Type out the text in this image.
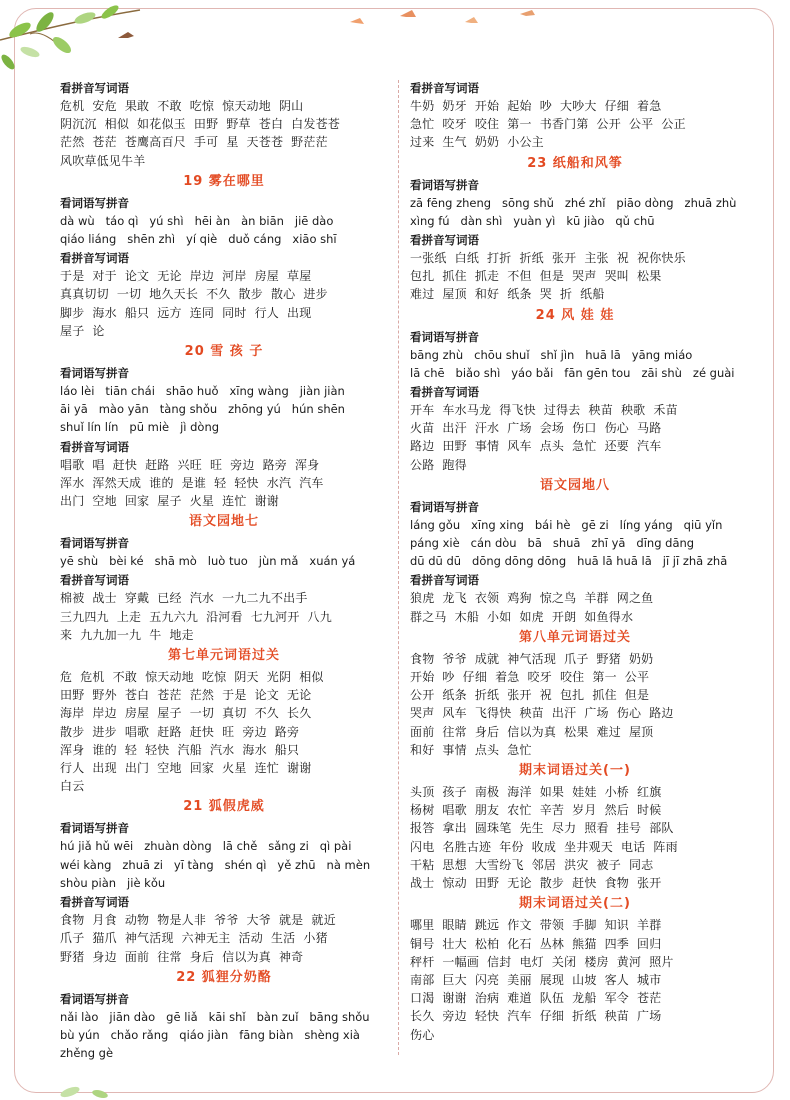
看拼音写词语
危机  安危  果敢  不敢  吃惊  惊天动地  阴山
阴沉沉  相似  如花似玉  田野  野草  苍白  白发苍苍
茫然  苍茫  苍鹰高百尺  手可  星  天苍苍  野茫茫
风吹草低见牛羊
19 雾在哪里
看词语写拼音
dà wù   táo qì   yú shì   hēi àn   àn biān   jiē dào
qiáo liáng   shēn zhì   yí qiè   duǒ cáng   xiāo shī
看拼音写词语
于是  对于  论文  无论  岸边  河岸  房屋  草屋
真真切切  一切  地久天长  不久  散步  散心  进步
脚步  海水  船只  远方  连同  同时  行人  出现
屋子  论
20 雪 孩 子
看词语写拼音
láo lèi   tiān chái   shāo huǒ   xīng wàng   jiàn jiàn
āi yā   mào yān   tàng shǒu   zhōng yú   hún shēn
shuǐ lín lín   pū miè   jì dòng
看拼音写词语
唱歌  唱  赶快  赶路  兴旺  旺  旁边  路旁  浑身
浑水  浑然天成  谁的  是谁  轻  轻快  水汽  汽车
出门  空地  回家  屋子  火星  连忙  谢谢
语文园地七
看词语写拼音
yē shù   bèi ké   shā mò   luò tuo   jùn mǎ   xuán yá
看拼音写词语
棉被  战士  穿戴  已经  汽水  一九二九不出手
三九四九  上走  五九六九  沿河看  七九河开  八九
来  九九加一九  牛  地走
第七单元词语过关
危  危机  不敢  惊天动地  吃惊  阴天  光阴  相似
田野  野外  苍白  苍茫  茫然  于是  论文  无论
海岸  岸边  房屋  屋子  一切  真切  不久  长久
散步  进步  唱歌  赶路  赶快  旺  旁边  路旁
浑身  谁的  轻  轻快  汽船  汽水  海水  船只
行人  出现  出门  空地  回家  火星  连忙  谢谢
白云
21 狐假虎威
看词语写拼音
hú jiǎ hǔ wēi   zhuàn dòng   lā chě   sǎng zi   qì pài
wéi kàng   zhuā zi   yī tàng   shén qì   yě zhū   nà mèn
shòu piàn   jiè kǒu
看拼音写词语
食物  月食  动物  物是人非  爷爷  大爷  就是  就近
爪子  猫爪  神气活现  六神无主  活动  生活  小猪
野猪  身边  面前  往常  身后  信以为真  神奇
22 狐狸分奶酪
看词语写拼音
nǎi lào   jiān dào   gē liǎ   kāi shǐ   bàn zuǐ   bāng shǒu
bù yún   chǎo rǎng   qiáo jiàn   fāng biàn   shèng xià
zhěng gè
看拼音写词语
牛奶  奶牙  开始  起始  吵  大吵大  仔细  着急
急忙  咬牙  咬住  第一  书香门第  公开  公平  公正
过来  生气  奶奶  小公主
23 纸船和风筝
看词语写拼音
zā fēng zheng   sōng shǔ   zhé zhǐ   piāo dòng   zhuā zhù
xìng fú   dàn shì   yuàn yì   kū jiào   qǔ chū
看拼音写词语
一张纸  白纸  打折  折纸  张开  主张  祝  祝你快乐
包扎  抓住  抓走  不但  但是  哭声  哭叫  松果
难过  屋顶  和好  纸条  哭  折  纸船
24 风 娃 娃
看词语写拼音
bāng zhù   chōu shuǐ   shǐ jìn   huā lā   yāng miáo
lā chē   biǎo shì   yáo bǎi   fān gēn tou   zāi shù   zé guài
看拼音写词语
开车  车水马龙  得飞快  过得去  秧苗  秧歌  禾苗
火苗  出汗  汗水  广场  会场  伤口  伤心  马路
路边  田野  事情  风车  点头  急忙  还要  汽车
公路  跑得
语文园地八
看词语写拼音
láng gǒu   xīng xing   bái hè   gē zi   líng yáng   qiū yǐn
páng xiè   cán dòu   bā   shuā   zhī yā   dīng dāng
dū dū dū   dōng dōng dōng   huā lā huā lā   jī jī zhā zhā
看拼音写词语
狼虎  龙飞  衣领  鸡狗  惊之鸟  羊群  网之鱼
群之马  木船  小如  如虎  开朗  如鱼得水
第八单元词语过关
食物  爷爷  成就  神气活现  爪子  野猪  奶奶
开始  吵  仔细  着急  咬牙  咬住  第一  公平
公开  纸条  折纸  张开  祝  包扎  抓住  但是
哭声  风车  飞得快  秧苗  出汗  广场  伤心  路边
面前  往常  身后  信以为真  松果  难过  屋顶
和好  事情  点头  急忙
期末词语过关(一)
头顶  孩子  南极  海洋  如果  娃娃  小桥  红旗
杨树  唱歌  朋友  农忙  辛苦  岁月  然后  时候
报答  拿出  圆珠笔  先生  尽力  照看  挂号  部队
闪电  名胜古迹  年份  收成  坐井观天  电话  阵雨
干粘  思想  大雪纷飞  邻居  洪灾  被子  同志
战士  惊动  田野  无论  散步  赶快  食物  张开
期末词语过关(二)
哪里  眼睛  跳远  作文  带领  手脚  知识  羊群
铜号  壮大  松柏  化石  丛林  熊猫  四季  回归
秤杆  一幅画  信封  电灯  关闭  楼房  黄河  照片
南部  巨大  闪亮  美丽  展现  山坡  客人  城市
口渴  谢谢  治病  难道  队伍  龙船  军令  苍茫
长久  旁边  轻快  汽车  仔细  折纸  秧苗  广场
伤心
